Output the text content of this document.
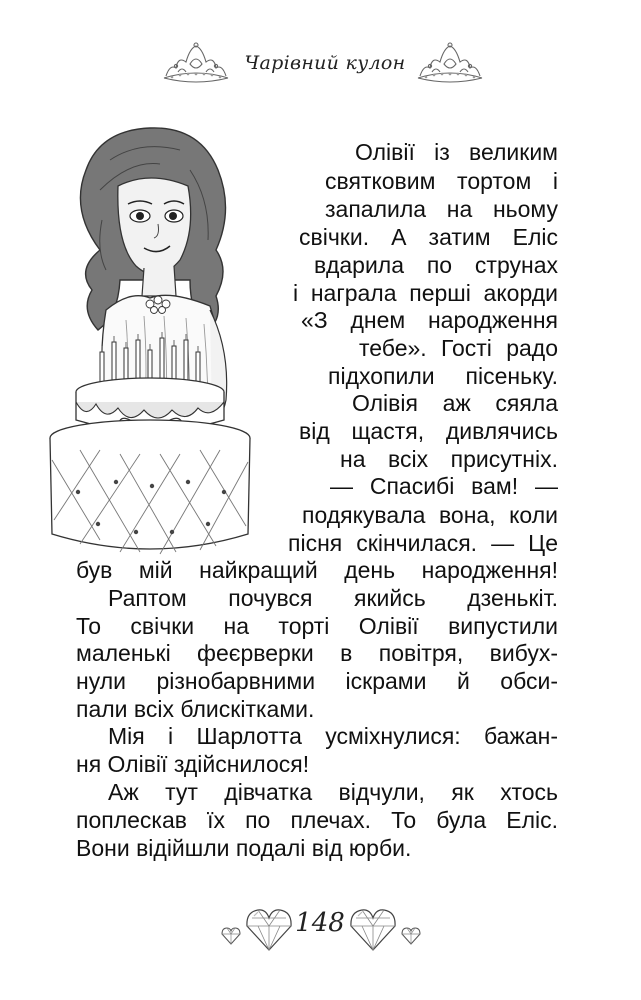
Чарівний кулон
Олівії із великим
святковим тортом і
запалила на ньому
свічки. А затим Еліс
вдарила по струнах
і награла перші акорди
«З днем народження
тебе». Гості радо
підхопили пісеньку.
Олівія аж сяяла
від щастя, дивлячись
на всіх присутніх.
— Спасибі вам! —
подякувала вона, коли
пісня скінчилася. — Це
був мій найкращий день народження!
Раптом почувся якийсь дзенькіт.
То свічки на торті Олівії випустили
маленькі феєрверки в повітря, вибух-
нули різнобарвними іскрами й обси-
пали всіх блискітками.
Мія і Шарлотта усміхнулися: бажан-
ня Олівії здійснилося!
Аж тут дівчатка відчули, як хтось
поплескав їх по плечах. То була Еліс.
Вони відійшли подалі від юрби.
148
